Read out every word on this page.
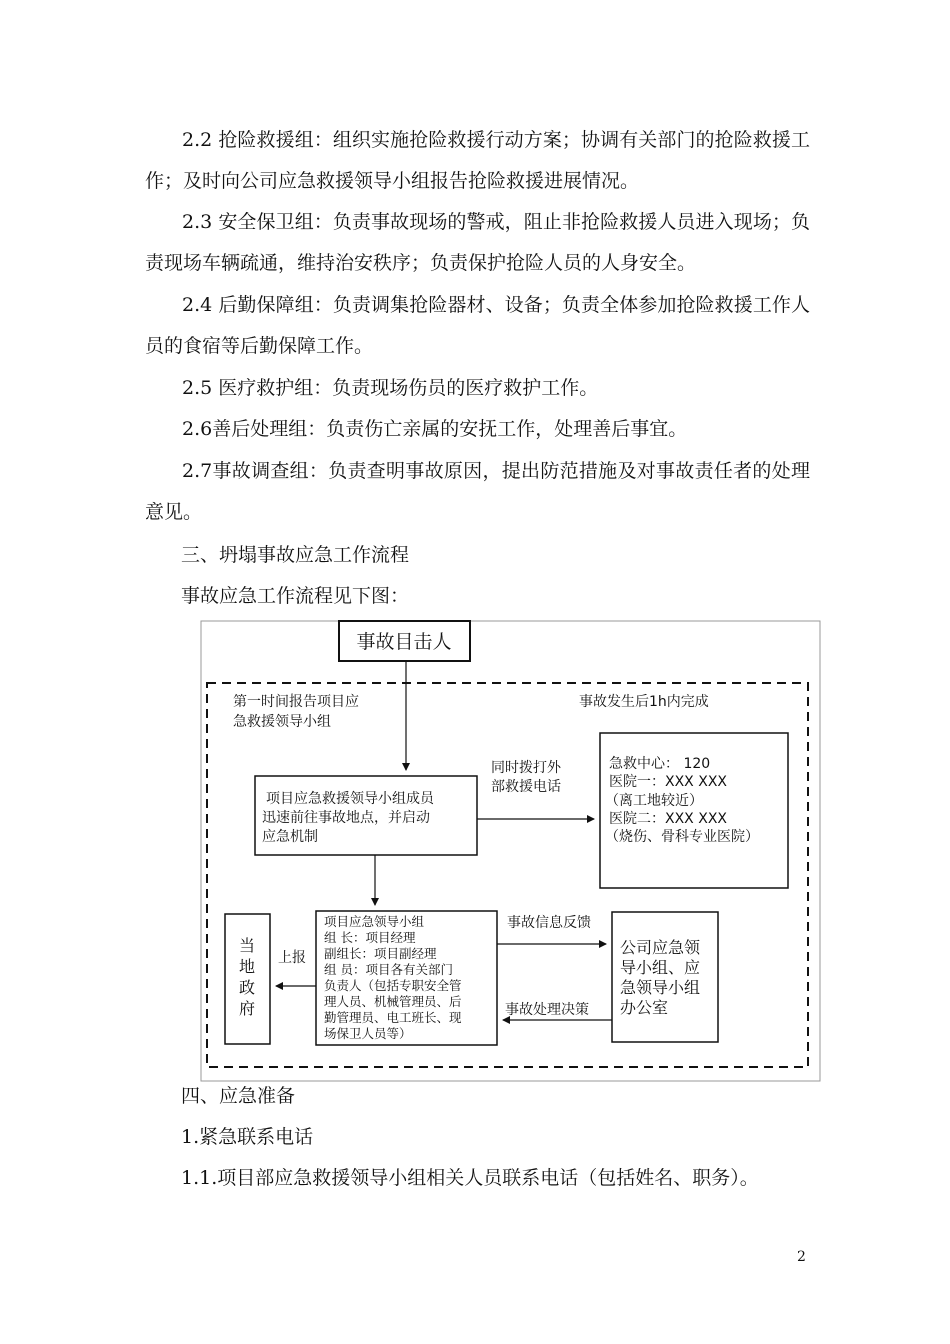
2.2 抢险救援组：组织实施抢险救援行动方案；协调有关部门的抢险救援工作；及时向公司应急救援领导小组报告抢险救援进展情况。

2.3 安全保卫组：负责事故现场的警戒，阻止非抢险救援人员进入现场；负责现场车辆疏通，维持治安秩序；负责保护抢险人员的人身安全。

2.4 后勤保障组：负责调集抢险器材、设备；负责全体参加抢险救援工作人员的食宿等后勤保障工作。

2.5 医疗救护组：负责现场伤员的医疗救护工作。

2.6善后处理组：负责伤亡亲属的安抚工作，处理善后事宜。

2.7事故调查组：负责查明事故原因，提出防范措施及对事故责任者的处理意见。

三、坍塌事故应急工作流程

事故应急工作流程见下图：

事故目击人
第一时间报告项目应
急救援领导小组
事故发生后1h内完成
项目应急救援领导小组成员
迅速前往事故地点，并启动
应急机制
同时拨打外
部救援电话
急救中心： 120
医院一：XXX XXX
（离工地较近）
医院二：XXX XXX
（烧伤、骨科专业医院）
项目应急领导小组
组 长：项目经理
副组长：项目副经理
组 员：项目各有关部门
负责人（包括专职安全管
理人员、机械管理员、后
勤管理员、电工班长、现
场保卫人员等）
当
地
政
府
上报
公司应急领
导小组、应
急领导小组
办公室
事故信息反馈
事故处理决策

四、应急准备

1.紧急联系电话

1.1.项目部应急救援领导小组相关人员联系电话（包括姓名、职务）。

2
